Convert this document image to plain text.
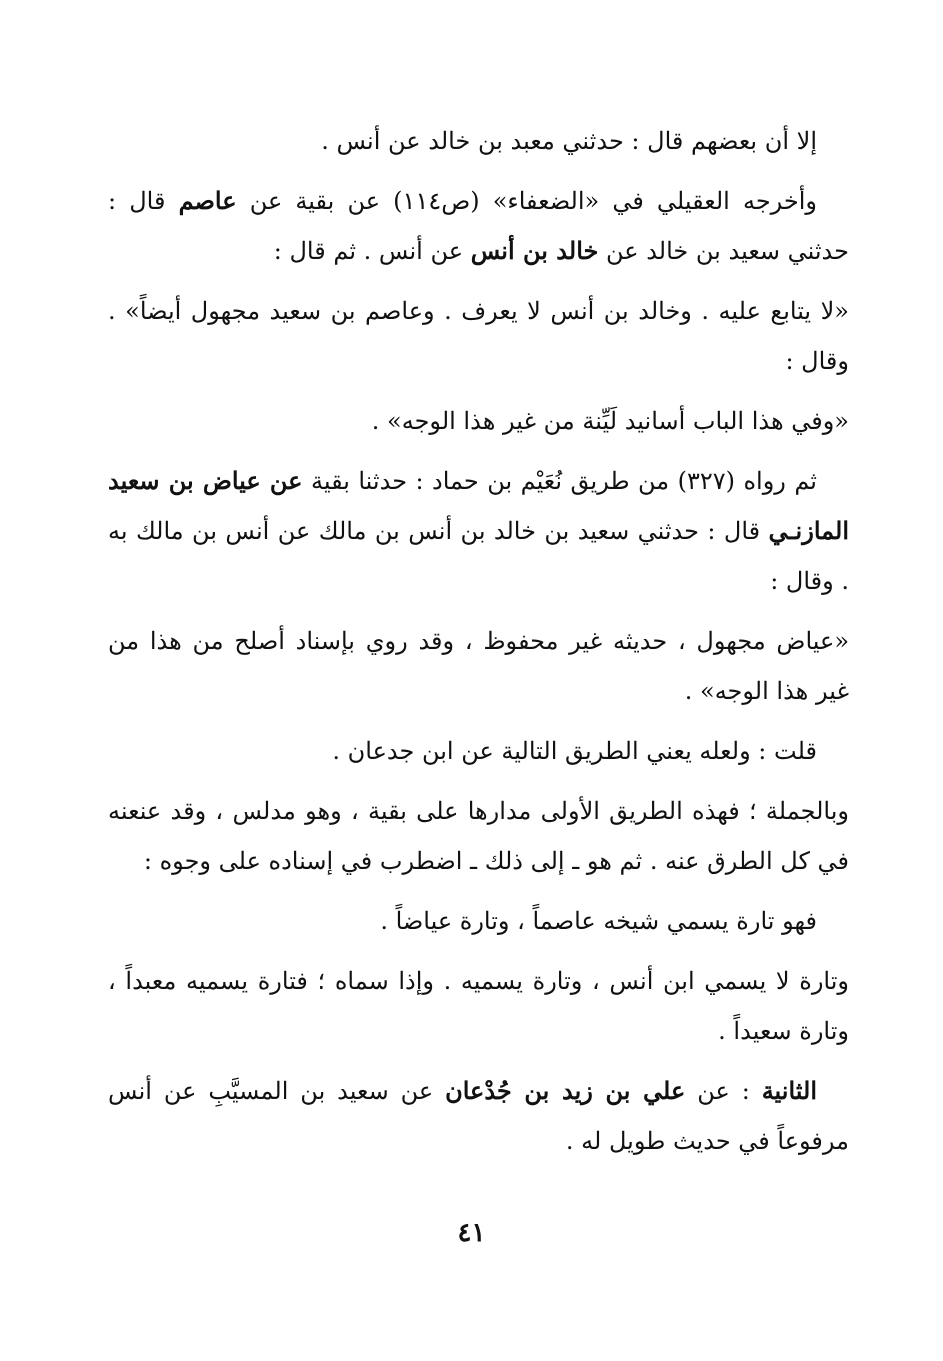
إلا أن بعضهم قال : حدثني معبد بن خالد عن أنس .

وأخرجه العقيلي في «الضعفاء» (ص١١٤) عن بقية عن عاصم قال : حدثني سعيد بن خالد عن خالد بن أنس عن أنس . ثم قال :

«لا يتابع عليه . وخالد بن أنس لا يعرف . وعاصم بن سعيد مجهول أيضاً» . وقال :

«وفي هذا الباب أسانيد لَيِّنة من غير هذا الوجه» .

ثم رواه (٣٢٧) من طريق نُعَيْم بن حماد : حدثنا بقية عن عياض بن سعيد المازنـي قال : حدثني سعيد بن خالد بن أنس بن مالك عن أنس بن مالك به . وقال :

«عياض مجهول ، حديثه غير محفوظ ، وقد روي بإسناد أصلح من هذا من غير هذا الوجه» .

قلت : ولعله يعني الطريق التالية عن ابن جدعان .

وبالجملة ؛ فهذه الطريق الأولى مدارها على بقية ، وهو مدلس ، وقد عنعنه في كل الطرق عنه . ثم هو ـ إلى ذلك ـ اضطرب في إسناده على وجوه :

فهو تارة يسمي شيخه عاصماً ، وتارة عياضاً .

وتارة لا يسمي ابن أنس ، وتارة يسميه . وإذا سماه ؛ فتارة يسميه معبداً ، وتارة سعيداً .

الثانية : عن علي بن زيد بن جُدْعان عن سعيد بن المسيَّبِ عن أنس مرفوعاً في حديث طويل له .

٤١
